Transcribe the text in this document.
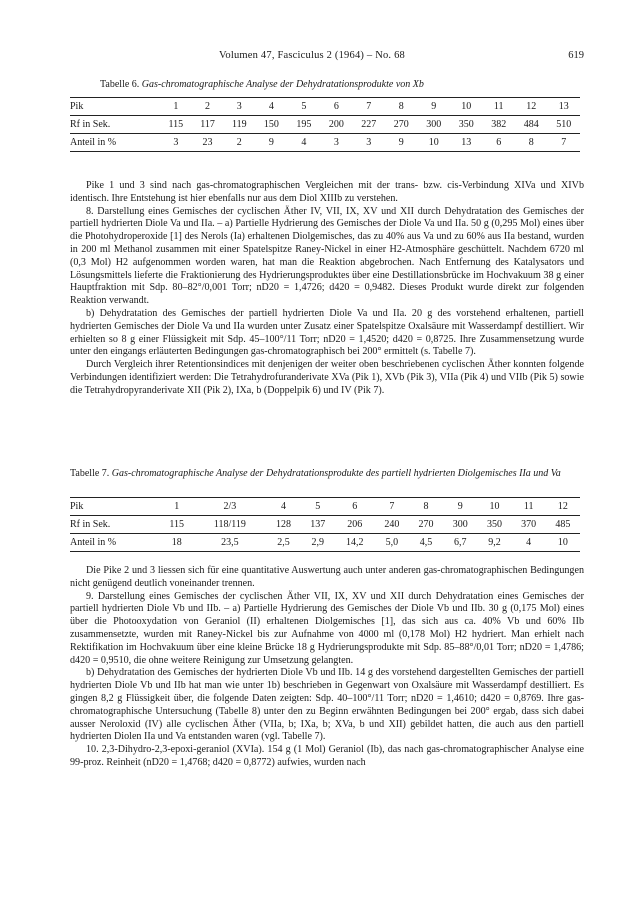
Volumen 47, Fasciculus 2 (1964) – No. 68	619
Tabelle 6. Gas-chromatographische Analyse der Dehydratationsprodukte von Xb
Pik	1	2	3	4	5	6	7	8	9	10	11	12	13
Rf in Sek.	115	117	119	150	195	200	227	270	300	350	382	484	510
Anteil in %	3	23	2	9	4	3	3	9	10	13	6	8	7

Pike 1 und 3 sind nach gas-chromatographischen Vergleichen mit der trans- bzw. cis-Verbindung XIVa und XIVb identisch. Ihre Entstehung ist hier ebenfalls nur aus dem Diol XIIIb zu verstehen.

8. Darstellung eines Gemisches der cyclischen Äther IV, VII, IX, XV und XII durch Dehydratation des Gemisches der partiell hydrierten Diole Va und IIa. – a) Partielle Hydrierung des Gemisches der Diole Va und IIa. 50 g (0,295 Mol) eines über die Photohydroperoxide [1] des Nerols (Ia) erhaltenen Diolgemisches, das zu 40% aus Va und zu 60% aus IIa bestand, wurden in 200 ml Methanol zusammen mit einer Spatelspitze Raney-Nickel in einer H2-Atmosphäre geschüttelt. Nachdem 6720 ml (0,3 Mol) H2 aufgenommen worden waren, hat man die Reaktion abgebrochen. Nach Entfernung des Katalysators und Lösungsmittels lieferte die Fraktionierung des Hydrierungsproduktes über eine Destillationsbrücke im Hochvakuum 38 g einer Hauptfraktion mit Sdp. 80–82°/0,001 Torr; nD20 = 1,4726; d420 = 0,9482. Dieses Produkt wurde direkt zur folgenden Reaktion verwandt.

b) Dehydratation des Gemisches der partiell hydrierten Diole Va und IIa. 20 g des vorstehend erhaltenen, partiell hydrierten Gemisches der Diole Va und IIa wurden unter Zusatz einer Spatelspitze Oxalsäure mit Wasserdampf destilliert. Wir erhielten so 8 g einer Flüssigkeit mit Sdp. 45–100°/11 Torr; nD20 = 1,4520; d420 = 0,8725. Ihre Zusammensetzung wurde unter den eingangs erläuterten Bedingungen gas-chromatographisch bei 200° ermittelt (s. Tabelle 7).

Durch Vergleich ihrer Retentionsindices mit denjenigen der weiter oben beschriebenen cyclischen Äther konnten folgende Verbindungen identifiziert werden: Die Tetrahydrofuranderivate XVa (Pik 1), XVb (Pik 3), VIIa (Pik 4) und VIIb (Pik 5) sowie die Tetrahydropyranderivate XII (Pik 2), IXa, b (Doppelpik 6) und IV (Pik 7).

Tabelle 7. Gas-chromatographische Analyse der Dehydratationsprodukte des partiell hydrierten Diolgemisches IIa und Va
Pik	1	2/3	4	5	6	7	8	9	10	11	12
Rf in Sek.	115	118/119	128	137	206	240	270	300	350	370	485
Anteil in %	18	23,5	2,5	2,9	14,2	5,0	4,5	6,7	9,2	4	10

Die Pike 2 und 3 liessen sich für eine quantitative Auswertung auch unter anderen gas-chromatographischen Bedingungen nicht genügend deutlich voneinander trennen.

9. Darstellung eines Gemisches der cyclischen Äther VII, IX, XV und XII durch Dehydratation eines Gemisches der partiell hydrierten Diole Vb und IIb. – a) Partielle Hydrierung des Gemisches der Diole Vb und IIb. 30 g (0,175 Mol) eines über die Photooxydation von Geraniol (II) erhaltenen Diolgemisches [1], das sich aus ca. 40% Vb und 60% IIb zusammensetzte, wurden mit Raney-Nickel bis zur Aufnahme von 4000 ml (0,178 Mol) H2 hydriert. Man erhielt nach Rektifikation im Hochvakuum über eine kleine Brücke 18 g Hydrierungsprodukte mit Sdp. 85–88°/0,01 Torr; nD20 = 1,4786; d420 = 0,9510, die ohne weitere Reinigung zur Umsetzung gelangten.

b) Dehydratation des Gemisches der hydrierten Diole Vb und IIb. 14 g des vorstehend dargestellten Gemisches der partiell hydrierten Diole Vb und IIb hat man wie unter 1b) beschrieben in Gegenwart von Oxalsäure mit Wasserdampf destilliert. Es gingen 8,2 g Flüssigkeit über, die folgende Daten zeigten: Sdp. 40–100°/11 Torr; nD20 = 1,4610; d420 = 0,8769. Ihre gas-chromatographische Untersuchung (Tabelle 8) unter den zu Beginn erwähnten Bedingungen bei 200° ergab, dass sich dabei ausser Neroloxid (IV) alle cyclischen Äther (VIIa, b; IXa, b; XVa, b und XII) gebildet hatten, die auch aus den partiell hydrierten Diolen IIa und Va entstanden waren (vgl. Tabelle 7).

10. 2,3-Dihydro-2,3-epoxi-geraniol (XVIa). 154 g (1 Mol) Geraniol (Ib), das nach gas-chromatographischer Analyse eine 99-proz. Reinheit (nD20 = 1,4768; d420 = 0,8772) aufwies, wurden nach
